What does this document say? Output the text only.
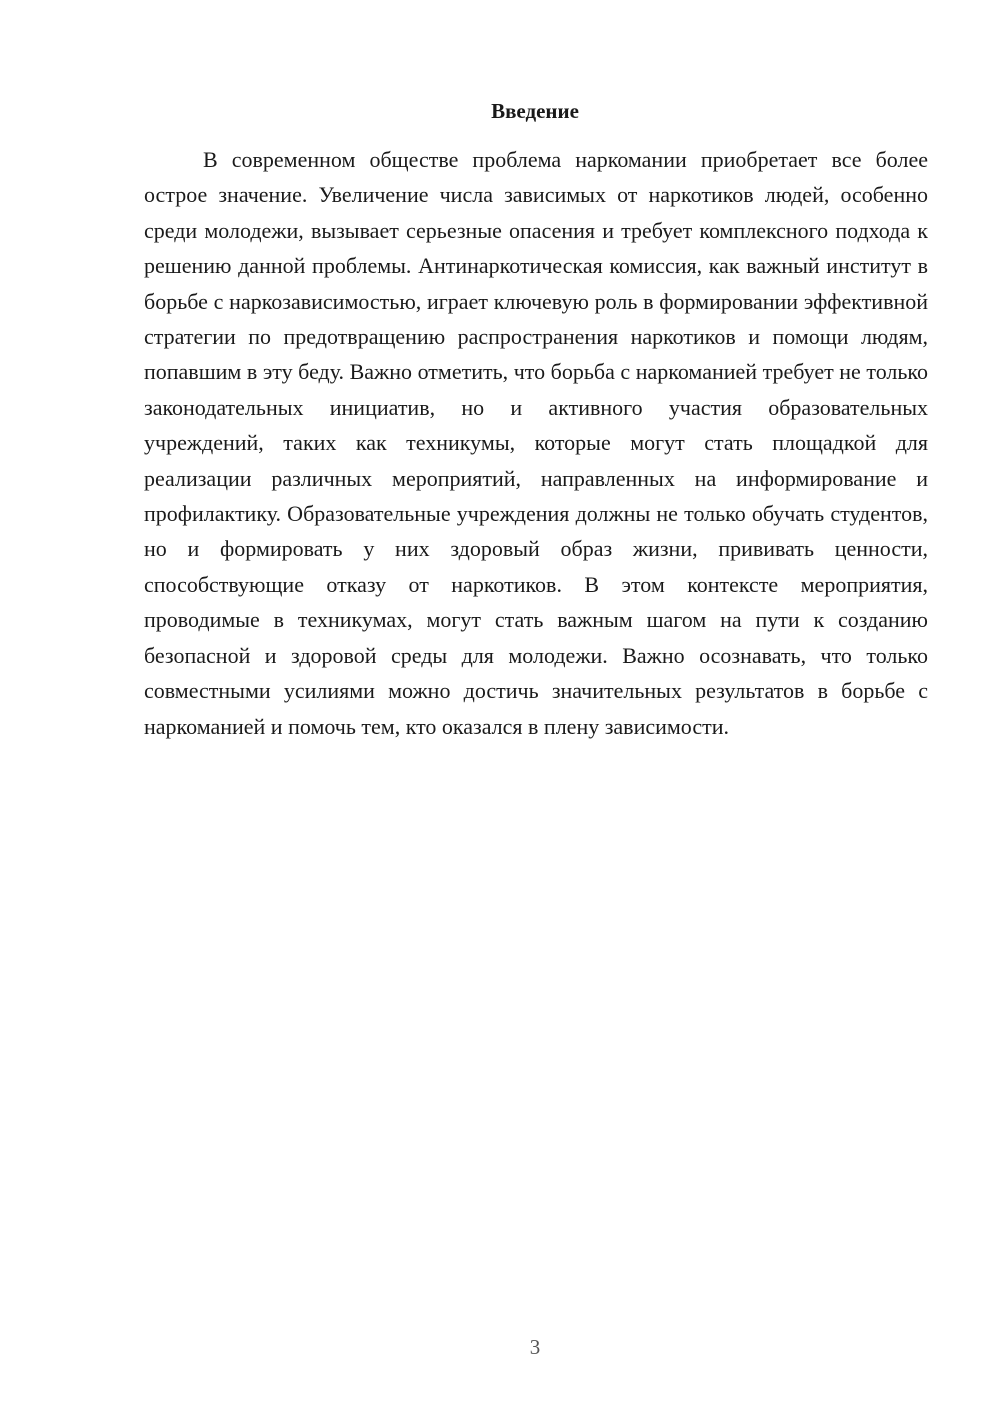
Введение

В современном обществе проблема наркомании приобретает все более острое значение. Увеличение числа зависимых от наркотиков людей, особенно среди молодежи, вызывает серьезные опасения и требует комплексного подхода к решению данной проблемы. Антинаркотическая комиссия, как важный институт в борьбе с наркозависимостью, играет ключевую роль в формировании эффективной стратегии по предотвращению распространения наркотиков и помощи людям, попавшим в эту беду. Важно отметить, что борьба с наркоманией требует не только законодательных инициатив, но и активного участия образовательных учреждений, таких как техникумы, которые могут стать площадкой для реализации различных мероприятий, направленных на информирование и профилактику. Образовательные учреждения должны не только обучать студентов, но и формировать у них здоровый образ жизни, прививать ценности, способствующие отказу от наркотиков. В этом контексте мероприятия, проводимые в техникумах, могут стать важным шагом на пути к созданию безопасной и здоровой среды для молодежи. Важно осознавать, что только совместными усилиями можно достичь значительных результатов в борьбе с наркоманией и помочь тем, кто оказался в плену зависимости.

3
